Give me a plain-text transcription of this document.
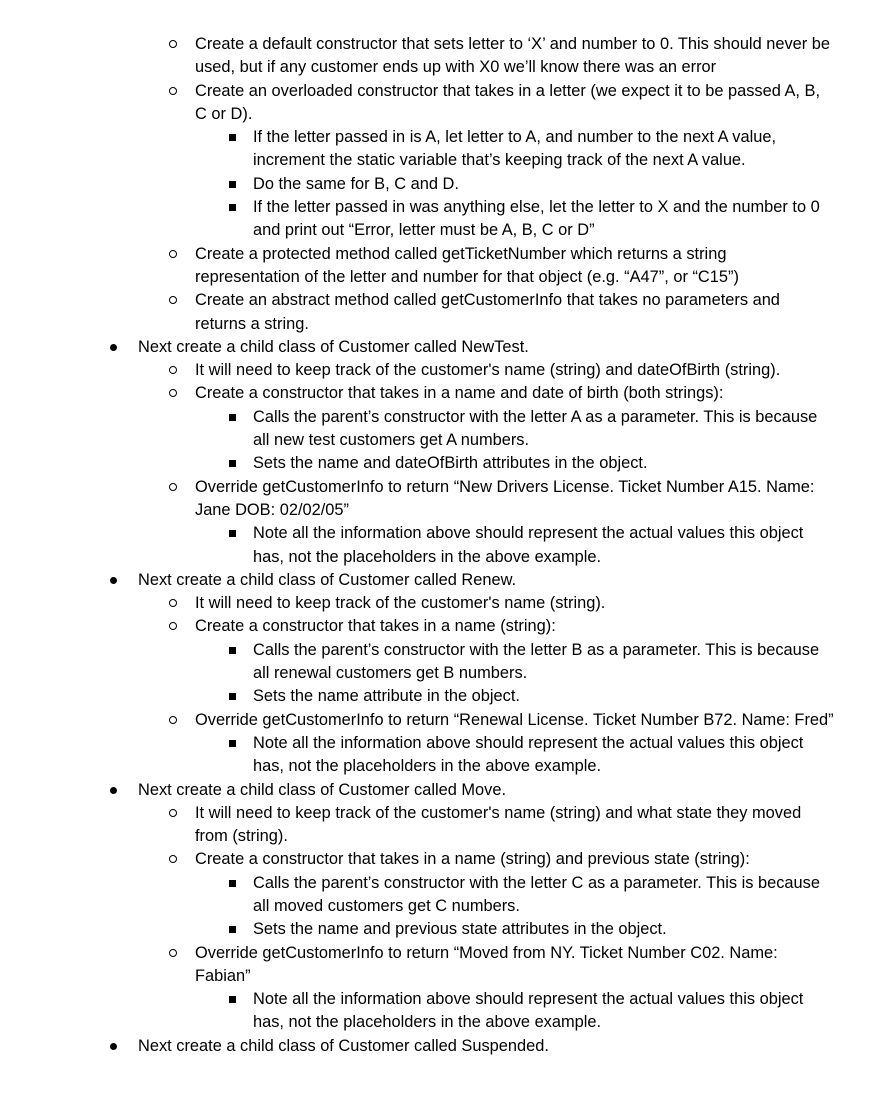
Create a default constructor that sets letter to ‘X’ and number to 0. This should never be used, but if any customer ends up with X0 we’ll know there was an error
Create an overloaded constructor that takes in a letter (we expect it to be passed A, B, C or D).
If the letter passed in is A, let letter to A, and number to the next A value, increment the static variable that’s keeping track of the next A value.
Do the same for B, C and D.
If the letter passed in was anything else, let the letter to X and the number to 0 and print out “Error, letter must be A, B, C or D”
Create a protected method called getTicketNumber which returns a string representation of the letter and number for that object (e.g. “A47”, or “C15”)
Create an abstract method called getCustomerInfo that takes no parameters and returns a string.
Next create a child class of Customer called NewTest.
It will need to keep track of the customer's name (string) and dateOfBirth (string).
Create a constructor that takes in a name and date of birth (both strings):
Calls the parent’s constructor with the letter A as a parameter. This is because all new test customers get A numbers.
Sets the name and dateOfBirth attributes in the object.
Override getCustomerInfo to return “New Drivers License. Ticket Number A15. Name: Jane DOB: 02/02/05”
Note all the information above should represent the actual values this object has, not the placeholders in the above example.
Next create a child class of Customer called Renew.
It will need to keep track of the customer's name (string).
Create a constructor that takes in a name (string):
Calls the parent’s constructor with the letter B as a parameter. This is because all renewal customers get B numbers.
Sets the name attribute in the object.
Override getCustomerInfo to return “Renewal License. Ticket Number B72. Name: Fred”
Note all the information above should represent the actual values this object has, not the placeholders in the above example.
Next create a child class of Customer called Move.
It will need to keep track of the customer's name (string) and what state they moved from (string).
Create a constructor that takes in a name (string) and previous state (string):
Calls the parent’s constructor with the letter C as a parameter. This is because all moved customers get C numbers.
Sets the name and previous state attributes in the object.
Override getCustomerInfo to return “Moved from NY. Ticket Number C02. Name: Fabian”
Note all the information above should represent the actual values this object has, not the placeholders in the above example.
Next create a child class of Customer called Suspended.
